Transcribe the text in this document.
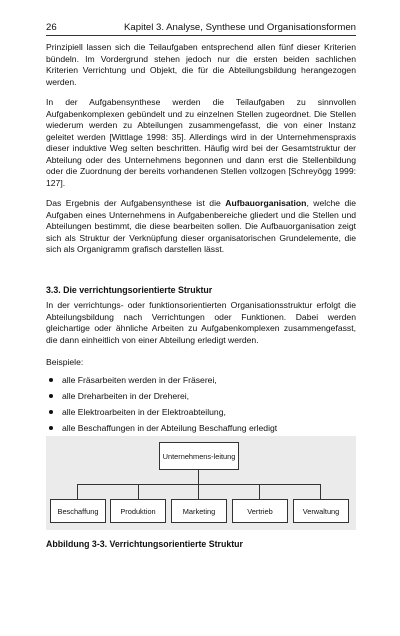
26	Kapitel 3. Analyse, Synthese und Organisationsformen

Prinzipiell lassen sich die Teilaufgaben entsprechend allen fünf dieser Kriterien bündeln. Im Vordergrund stehen jedoch nur die ersten beiden sachlichen Kriterien Verrichtung und Objekt, die für die Abteilungsbildung herangezogen werden.

In der Aufgabensynthese werden die Teilaufgaben zu sinnvollen Aufgabenkomplexen gebündelt und zu einzelnen Stellen zugeordnet. Die Stellen wiederum werden zu Abteilungen zusammengefasst, die von einer Instanz geleitet werden [Wittlage 1998: 35]. Allerdings wird in der Unternehmenspraxis dieser induktive Weg selten beschritten. Häufig wird bei der Gesamtstruktur der Abteilung oder des Unternehmens begonnen und dann erst die Stellenbildung oder die Zuordnung der bereits vorhandenen Stellen vollzogen [Schreyögg 1999: 127].

Das Ergebnis der Aufgabensynthese ist die Aufbauorganisation, welche die Aufgaben eines Unternehmens in Aufgabenbereiche gliedert und die Stellen und Abteilungen bestimmt, die diese bearbeiten sollen. Die Aufbauorganisation zeigt sich als Struktur der Verknüpfung dieser organisatorischen Grundelemente, die sich als Organigramm grafisch darstellen lässt.

3.3. Die verrichtungsorientierte Struktur

In der verrichtungs- oder funktionsorientierten Organisationsstruktur erfolgt die Abteilungsbildung nach Verrichtungen oder Funktionen. Dabei werden gleichartige oder ähnliche Arbeiten zu Aufgabenkomplexen zusammengefasst, die dann einheitlich von einer Abteilung erledigt werden.

Beispiele:

alle Fräsarbeiten werden in der Fräserei,
alle Dreharbeiten in der Dreherei,
alle Elektroarbeiten in der Elektroabteilung,
alle Beschaffungen in der Abteilung Beschaffung erledigt
Unternehmens-leitung
Beschaffung	Produktion	Marketing	Vertrieb	Verwaltung

Abbildung 3-3. Verrichtungsorientierte Struktur
